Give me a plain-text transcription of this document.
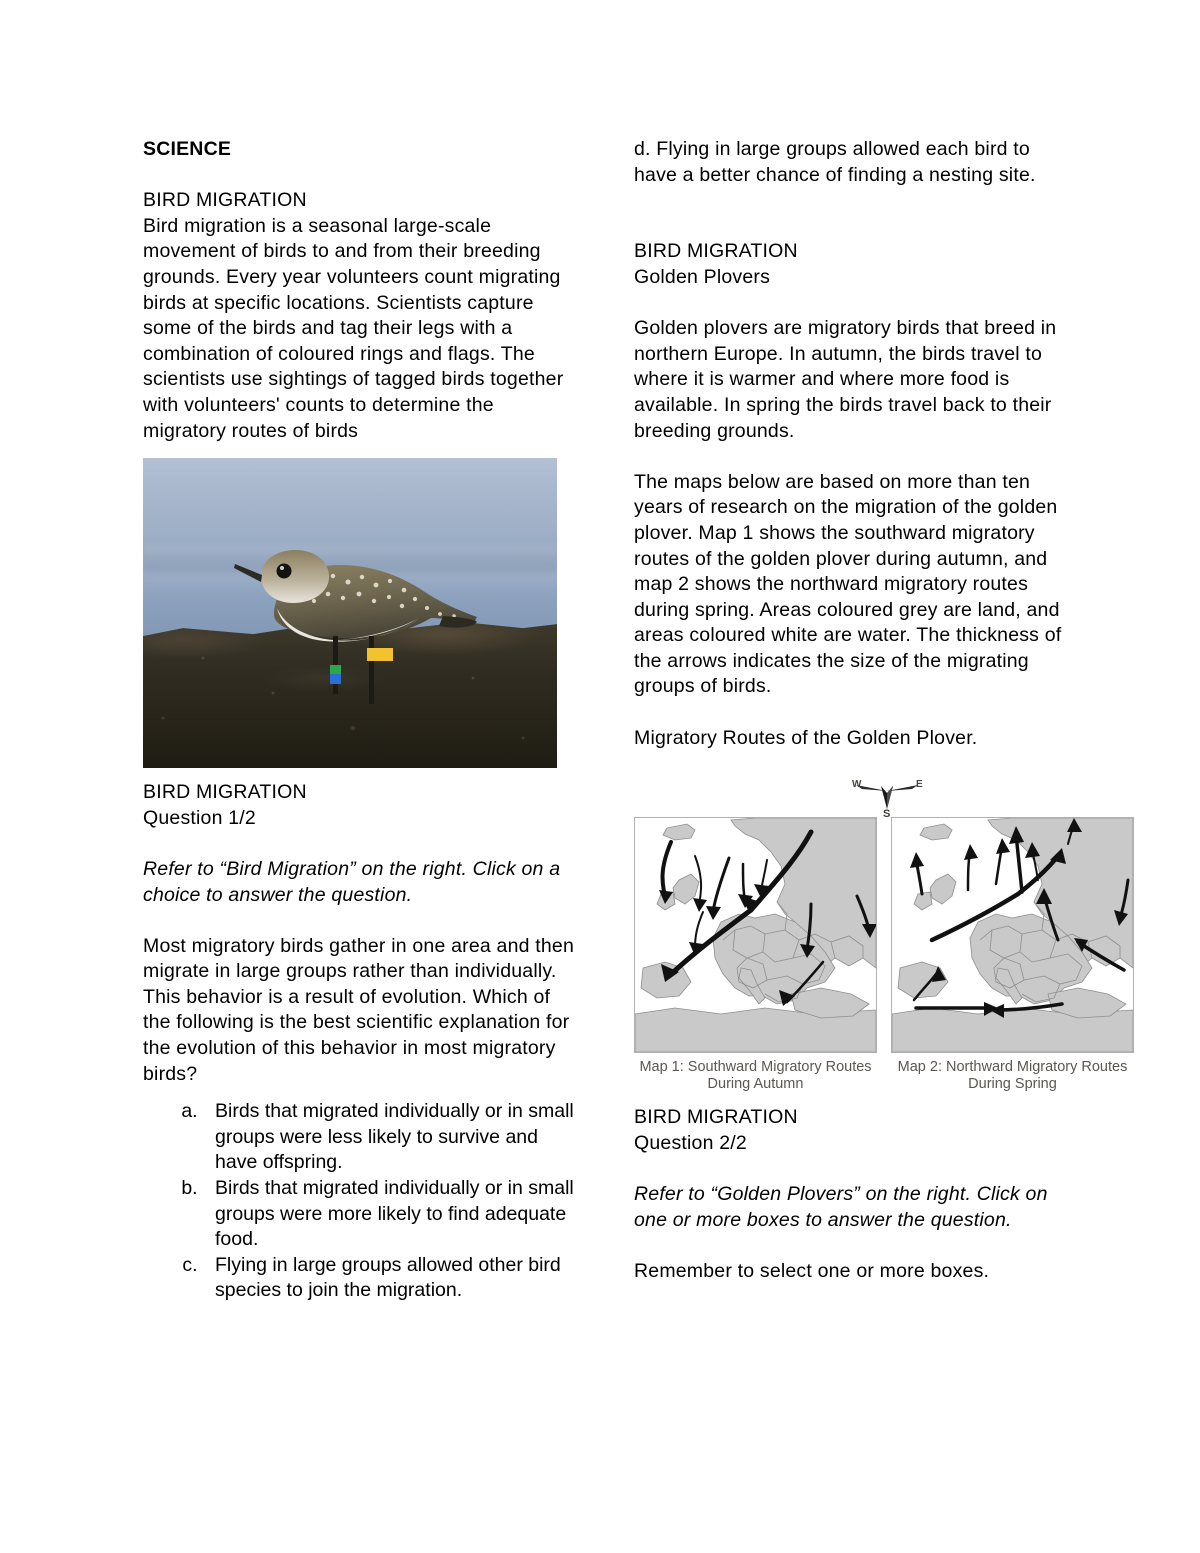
SCIENCE

BIRD MIGRATION

Bird migration is a seasonal large-scale movement of birds to and from their breeding grounds. Every year volunteers count migrating birds at specific locations. Scientists capture some of the birds and tag their legs with a combination of coloured rings and flags. The scientists use sightings of tagged birds together with volunteers' counts to determine the migratory routes of birds

BIRD MIGRATION

Question 1/2

Refer to “Bird Migration” on the right. Click on a choice to answer the question.

Most migratory birds gather in one area and then migrate in large groups rather than individually. This behavior is a result of evolution. Which of the following is the best scientific explanation for the evolution of this behavior in most migratory birds?

a. Birds that migrated individually or in small groups were less likely to survive and have offspring.
b. Birds that migrated individually or in small groups were more likely to find adequate food.
c. Flying in large groups allowed other bird species to join the migration.

d. Flying in large groups allowed each bird to have a better chance of finding a nesting site.

BIRD MIGRATION

Golden Plovers

Golden plovers are migratory birds that breed in northern Europe. In autumn, the birds travel to where it is warmer and where more food is available. In spring the birds travel back to their breeding grounds.

The maps below are based on more than ten years of research on the migration of the golden plover. Map 1 shows the southward migratory routes of the golden plover during autumn, and map 2 shows the northward migratory routes during spring. Areas coloured grey are land, and areas coloured white are water. The thickness of the arrows indicates the size of the migrating groups of birds.

Migratory Routes of the Golden Plover.

W	E
S
Map 1: Southward Migratory Routes
During Autumn
Map 2: Northward Migratory Routes
During Spring

BIRD MIGRATION

Question 2/2

Refer to “Golden Plovers” on the right. Click on one or more boxes to answer the question.

Remember to select one or more boxes.
